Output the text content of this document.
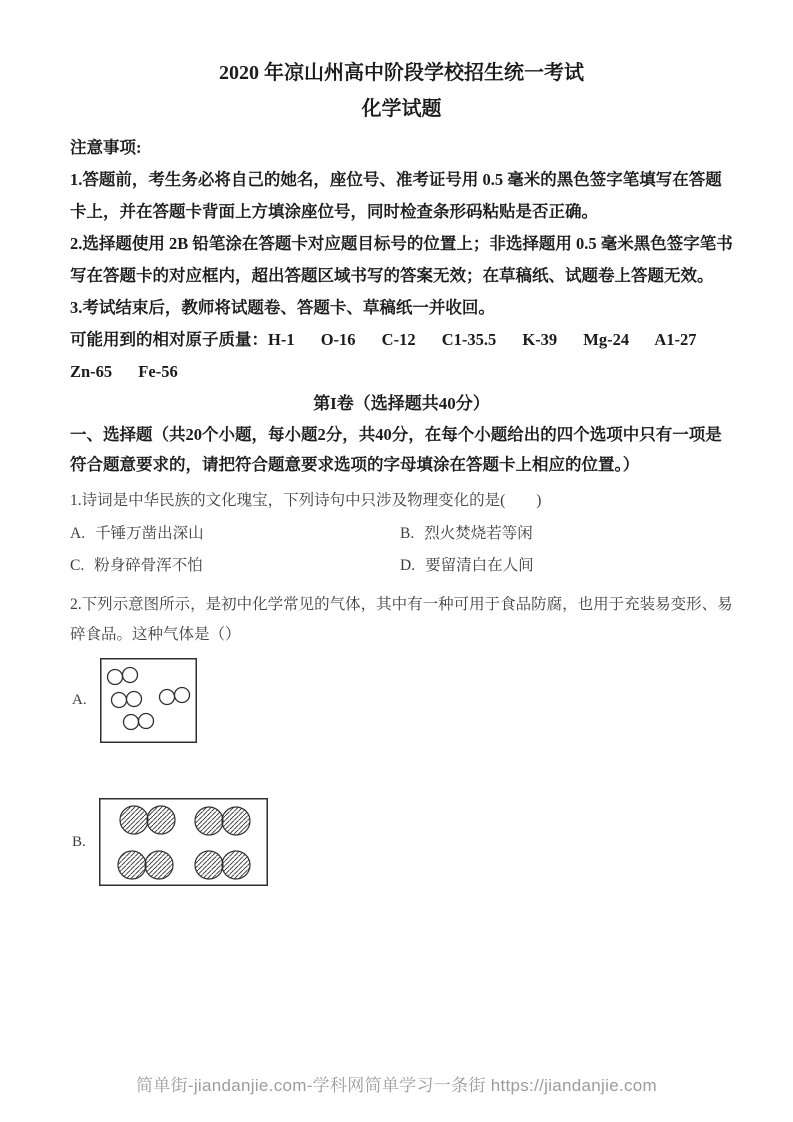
2020 年凉山州高中阶段学校招生统一考试
化学试题

注意事项:

1.答题前，考生务必将自己的她名，座位号、准考证号用 0.5 毫米的黑色签字笔填写在答题卡上，并在答题卡背面上方填涂座位号，同时检查条形码粘贴是否正确。

2.选择题使用 2B 铅笔涂在答题卡对应题目标号的位置上；非选择题用 0.5 毫米黑色签字笔书写在答题卡的对应框内，超出答题区域书写的答案无效；在草稿纸、试题卷上答题无效。

3.考试结束后，教师将试题卷、答题卡、草稿纸一并收回。

可能用到的相对原子质量：H-1 O-16 C-12 C1-35.5 K-39 Mg-24 A1-27

Zn-65 Fe-56

第I卷（选择题共40分）

一、选择题（共20个小题，每小题2分，共40分，在每个小题给出的四个选项中只有一项是符合题意要求的，请把符合题意要求选项的字母填涂在答题卡上相应的位置。）

1.诗词是中华民族的文化瑰宝，下列诗句中只涉及物理变化的是(　　)

A. 千锤万凿出深山	B. 烈火焚烧若等闲
C. 粉身碎骨浑不怕	D. 要留清白在人间

2.下列示意图所示，是初中化学常见的气体，其中有一种可用于食品防腐，也用于充装易变形、易碎食品。这种气体是（）

A.
B.
简单街-jiandanjie.com-学科网简单学习一条街 https://jiandanjie.com
